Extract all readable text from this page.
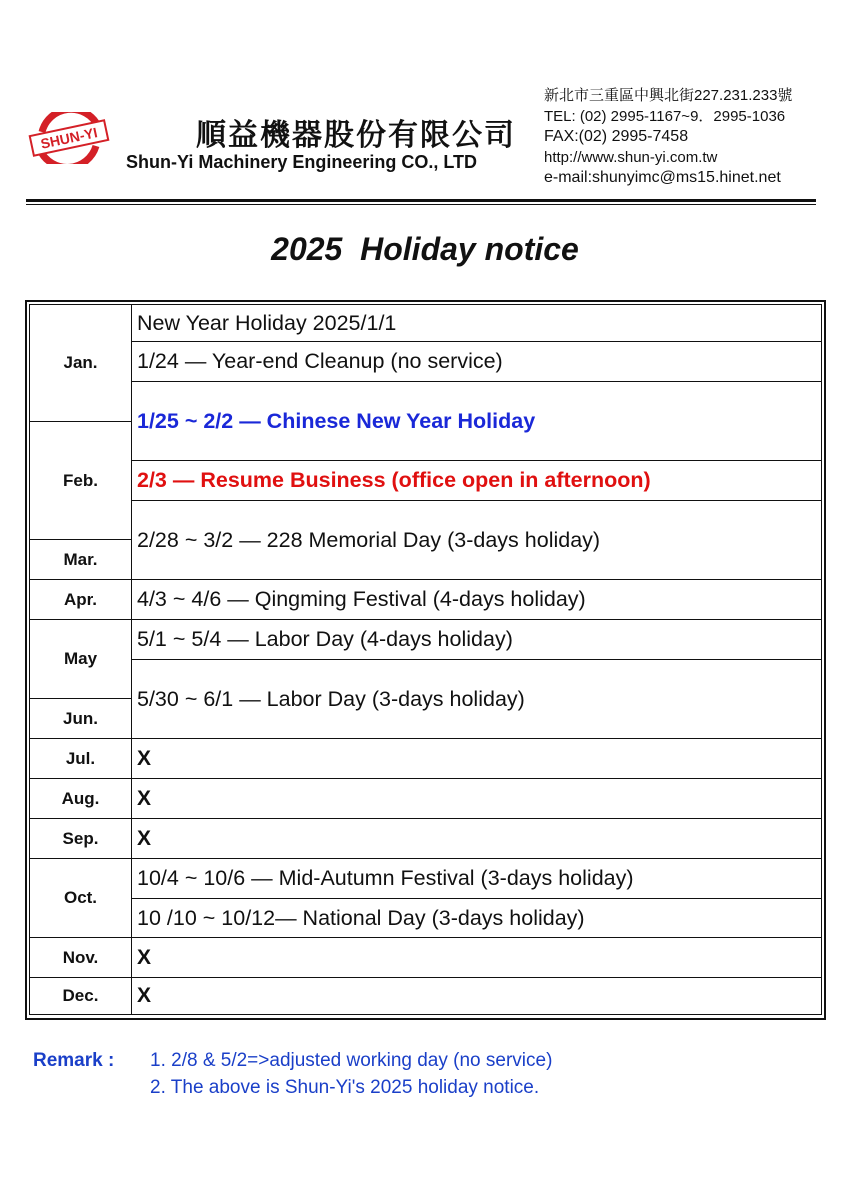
SHUN-YI	順益機器股份有限公司
Shun-Yi Machinery Engineering CO., LTD
新北市三重區中興北街227.231.233號
TEL: (02) 2995-1167~9．2995-1036
FAX:(02) 2995-7458
http://www.shun-yi.com.tw
e-mail:shunyimc@ms15.hinet.net
2025  Holiday notice
Jan.
Feb.
Mar.
Apr.
May
Jun.
Jul.
Aug.
Sep.
Oct.
Nov.
Dec.
New Year Holiday 2025/1/1
1/24 — Year-end Cleanup (no service)
1/25 ~ 2/2 — Chinese New Year Holiday
2/3 — Resume Business (office open in afternoon)
2/28 ~ 3/2 — 228 Memorial Day (3-days holiday)
4/3 ~ 4/6 — Qingming Festival (4-days holiday)
5/1 ~ 5/4 — Labor Day (4-days holiday)
5/30 ~ 6/1 — Labor Day (3-days holiday)
X
X
X
10/4 ~ 10/6 — Mid-Autumn Festival (3-days holiday)
10 /10 ~ 10/12— National Day (3-days holiday)
X
X
Remark : 1. 2/8 & 5/2=>adjusted working day (no service)
2. The above is Shun-Yi's 2025 holiday notice.
